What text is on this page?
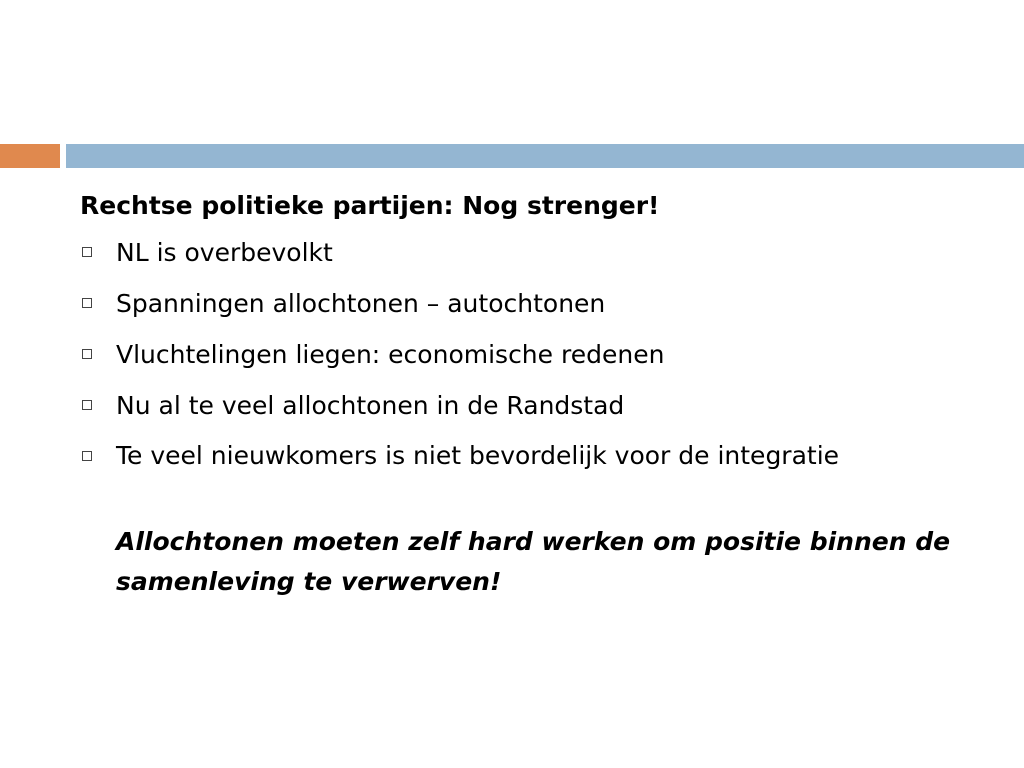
Rechtse politieke partijen: Nog strenger!
NL is overbevolkt
Spanningen allochtonen – autochtonen
Vluchtelingen liegen: economische redenen
Nu al te veel allochtonen in de Randstad
Te veel nieuwkomers is niet bevordelijk voor de integratie
Allochtonen moeten zelf hard werken om positie binnen de samenleving te verwerven!
